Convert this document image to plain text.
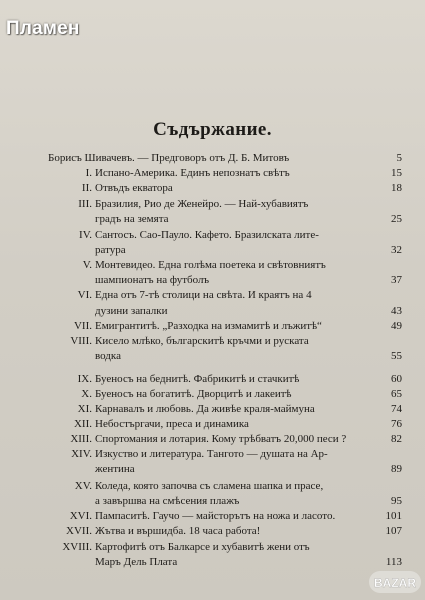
Пламен
Съдържание.
Борисъ Шивачевъ. — Предговоръ отъ Д. Б. Митовъ	5
I. Испано-Америка. Единъ непознатъ свѣтъ	15
II. Отвъдъ екватора	18
III. Бразилия, Рио де Женейро. — Най-хубавиятъ
градъ на земята	25
IV. Сантосъ. Сао-Пауло. Кафето. Бразилската лите-
ратура	32
V. Монтевидео. Една голѣма поетека и свѣтовниятъ
шампионатъ на футболъ	37
VI. Една отъ 7-тѣ столици на свѣта. И краятъ на 4
дузини запалки	43
VII. Емигрантитѣ. „Разходка на измамитѣ и лъжитѣ“	49
VIII. Кисело млѣко, българскитѣ кръчми и руската
водка	55
IX. Буеносъ на беднитѣ. Фабрикитѣ и стачкитѣ	60
X. Буеносъ на богатитѣ. Дворцитѣ и лакеитѣ	65
XI. Карнавалъ и любовь. Да живѣе краля-маймуна	74
XII. Небостъргачи, преса и динамика	76
XIII. Спортомания и лотария. Кому трѣбватъ 20,000 песи ?	82
XIV. Изкуство и литература. Тангото — душата на Ар-
жентина	89
XV. Коледа, която започва съ сламена шапка и прасе,
а завършва на смѣсения плажъ	95
XVI. Пампаситѣ. Гаучо — майсторътъ на ножа и ласото.	101
XVII. Жътва и вършидба. 18 часа работа!	107
XVIII. Картофитѣ отъ Балкарсе и хубавитѣ жени отъ
Маръ Дель Плата	113
BAZAR
